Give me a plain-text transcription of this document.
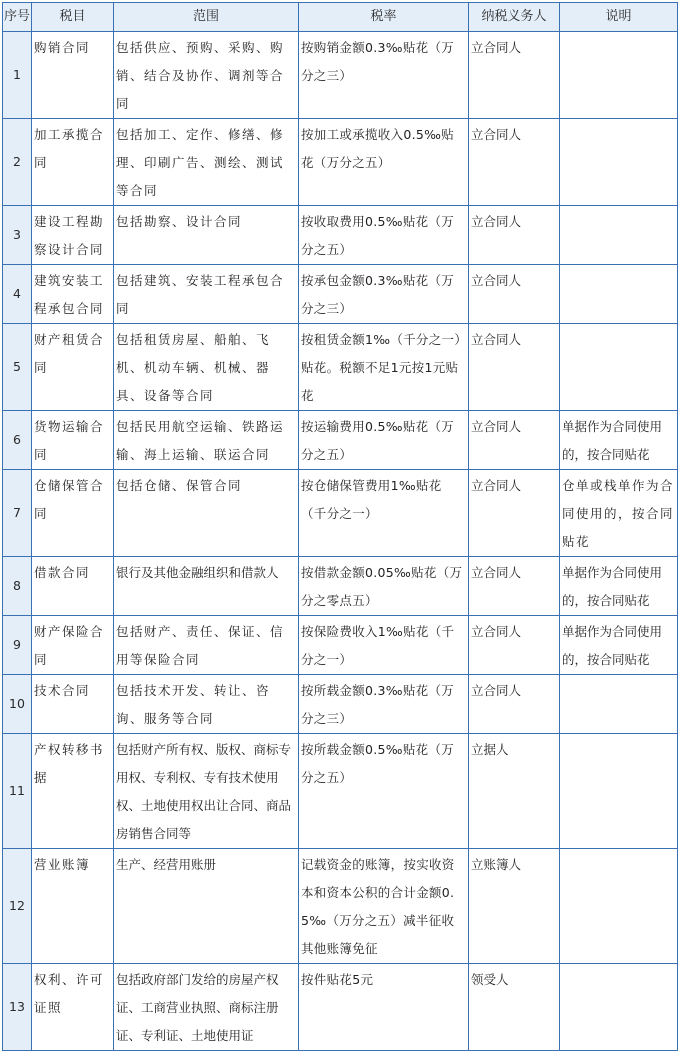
序号	税目	范围	税率	纳税义务人	说明
1	购销合同	包括供应、预购、采购、购销、结合及协作、调剂等合同	按购销金额0.3‰贴花（万分之三）	立合同人	
2	加工承揽合同	包括加工、定作、修缮、修理、印刷广告、测绘、测试等合同	按加工或承揽收入0.5‰贴花（万分之五）	立合同人	
3	建设工程勘察设计合同	包括勘察、设计合同	按收取费用0.5‰贴花（万分之五）	立合同人	
4	建筑安装工程承包合同	包括建筑、安装工程承包合同	按承包金额0.3‰贴花（万分之三）	立合同人	
5	财产租赁合同	包括租赁房屋、船舶、飞机、机动车辆、机械、器具、设备等合同	按租赁金额1‰（千分之一）贴花。税额不足1元按1元贴花	立合同人	
6	货物运输合同	包括民用航空运输、铁路运输、海上运输、联运合同	按运输费用0.5‰贴花（万分之五）	立合同人	单据作为合同使用的，按合同贴花
7	仓储保管合同	包括仓储、保管合同	按仓储保管费用1‰贴花（千分之一）	立合同人	仓单或栈单作为合同使用的，按合同贴花
8	借款合同	银行及其他金融组织和借款人	按借款金额0.05‰贴花（万分之零点五）	立合同人	单据作为合同使用的，按合同贴花
9	财产保险合同	包括财产、责任、保证、信用等保险合同	按保险费收入1‰贴花（千分之一）	立合同人	单据作为合同使用的，按合同贴花
10	技术合同	包括技术开发、转让、咨询、服务等合同	按所载金额0.3‰贴花（万分之三）	立合同人	
11	产权转移书据	包括财产所有权、版权、商标专用权、专利权、专有技术使用权、土地使用权出让合同、商品房销售合同等	按所载金额0.5‰贴花（万分之五）	立据人	
12	营业账簿	生产、经营用账册	记载资金的账簿，按实收资本和资本公积的合计金额0.5‰（万分之五）减半征收其他账簿免征	立账簿人	
13	权利、许可证照	包括政府部门发给的房屋产权证、工商营业执照、商标注册证、专利证、土地使用证	按件贴花5元	领受人	
